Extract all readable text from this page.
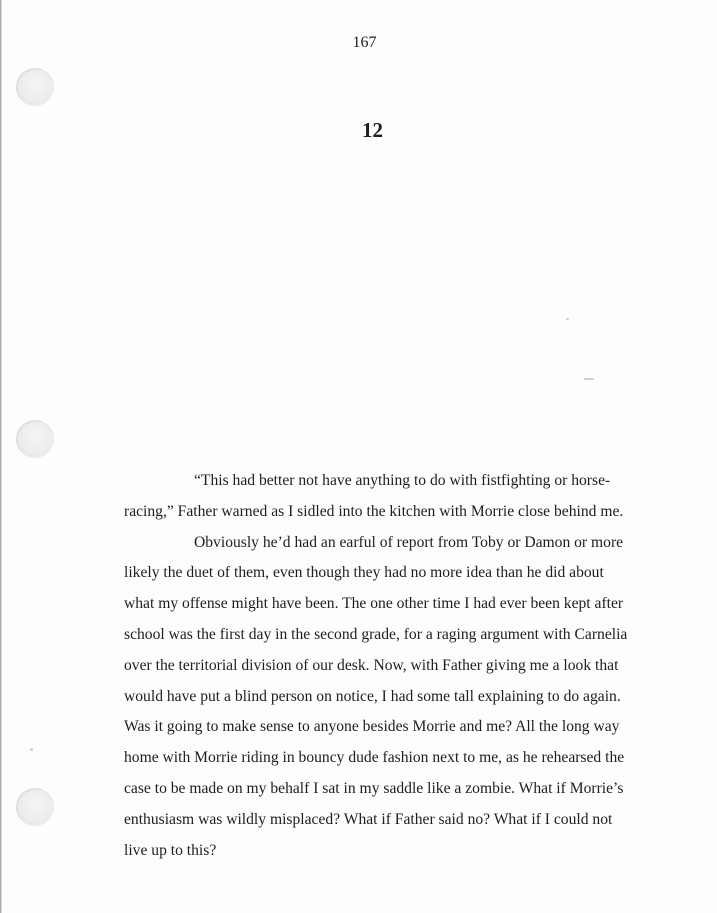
167
12

“This had better not have anything to do with fistfighting or horse-racing,” Father warned as I sidled into the kitchen with Morrie close behind me.

Obviously he’d had an earful of report from Toby or Damon or more likely the duet of them, even though they had no more idea than he did about what my offense might have been. The one other time I had ever been kept after school was the first day in the second grade, for a raging argument with Carnelia over the territorial division of our desk. Now, with Father giving me a look that would have put a blind person on notice, I had some tall explaining to do again. Was it going to make sense to anyone besides Morrie and me? All the long way home with Morrie riding in bouncy dude fashion next to me, as he rehearsed the case to be made on my behalf I sat in my saddle like a zombie. What if Morrie’s enthusiasm was wildly misplaced? What if Father said no? What if I could not live up to this?
